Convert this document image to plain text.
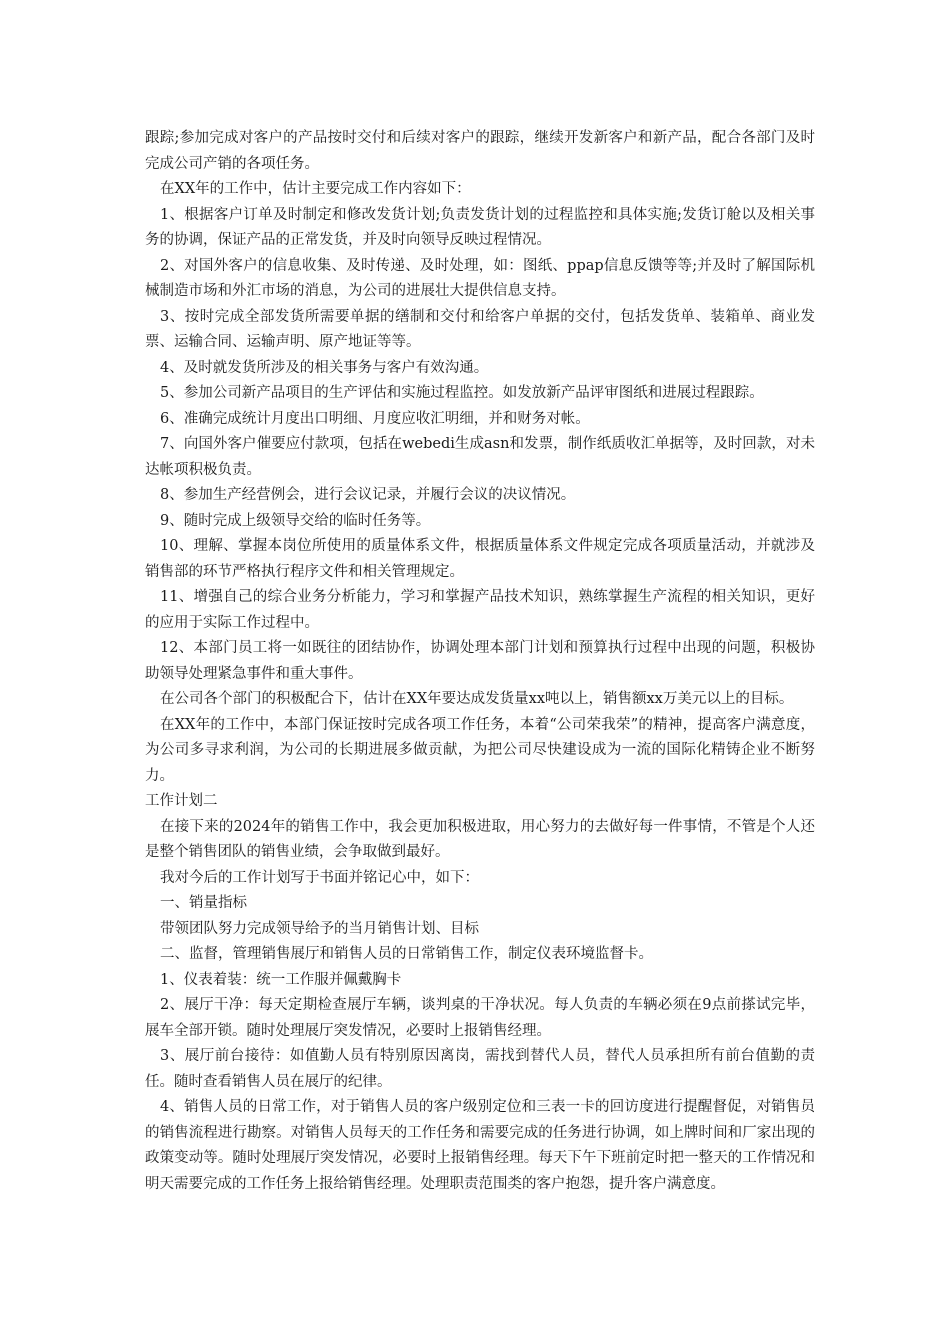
跟踪;参加完成对客户的产品按时交付和后续对客户的跟踪，继续开发新客户和新产品，配合各部门及时完成公司产销的各项任务。

在XX年的工作中，估计主要完成工作内容如下：

1、根据客户订单及时制定和修改发货计划;负责发货计划的过程监控和具体实施;发货订舱以及相关事务的协调，保证产品的正常发货，并及时向领导反映过程情况。

2、对国外客户的信息收集、及时传递、及时处理，如：图纸、ppap信息反馈等等;并及时了解国际机械制造市场和外汇市场的消息，为公司的进展壮大提供信息支持。

3、按时完成全部发货所需要单据的缮制和交付和给客户单据的交付，包括发货单、装箱单、商业发票、运输合同、运输声明、原产地证等等。

4、及时就发货所涉及的相关事务与客户有效沟通。

5、参加公司新产品项目的生产评估和实施过程监控。如发放新产品评审图纸和进展过程跟踪。

6、准确完成统计月度出口明细、月度应收汇明细，并和财务对帐。

7、向国外客户催要应付款项，包括在webedi生成asn和发票，制作纸质收汇单据等，及时回款，对未达帐项积极负责。

8、参加生产经营例会，进行会议记录，并履行会议的决议情况。

9、随时完成上级领导交给的临时任务等。

10、理解、掌握本岗位所使用的质量体系文件，根据质量体系文件规定完成各项质量活动，并就涉及销售部的环节严格执行程序文件和相关管理规定。

11、增强自己的综合业务分析能力，学习和掌握产品技术知识，熟练掌握生产流程的相关知识，更好的应用于实际工作过程中。

12、本部门员工将一如既往的团结协作，协调处理本部门计划和预算执行过程中出现的问题，积极协助领导处理紧急事件和重大事件。

在公司各个部门的积极配合下，估计在XX年要达成发货量xx吨以上，销售额xx万美元以上的目标。

在XX年的工作中，本部门保证按时完成各项工作任务，本着“公司荣我荣”的精神，提高客户满意度，为公司多寻求利润，为公司的长期进展多做贡献，为把公司尽快建设成为一流的国际化精铸企业不断努力。

工作计划二

在接下来的2024年的销售工作中，我会更加积极进取，用心努力的去做好每一件事情，不管是个人还是整个销售团队的销售业绩，会争取做到最好。

我对今后的工作计划写于书面并铭记心中，如下：

一、销量指标

带领团队努力完成领导给予的当月销售计划、目标

二、监督，管理销售展厅和销售人员的日常销售工作，制定仪表环境监督卡。

1、仪表着装：统一工作服并佩戴胸卡

2、展厅干净：每天定期检查展厅车辆，谈判桌的干净状况。每人负责的车辆必须在9点前搽试完毕，展车全部开锁。随时处理展厅突发情况，必要时上报销售经理。

3、展厅前台接待：如值勤人员有特别原因离岗，需找到替代人员，替代人员承担所有前台值勤的责任。随时查看销售人员在展厅的纪律。

4、销售人员的日常工作，对于销售人员的客户级别定位和三表一卡的回访度进行提醒督促，对销售员的销售流程进行勘察。对销售人员每天的工作任务和需要完成的任务进行协调，如上牌时间和厂家出现的政策变动等。随时处理展厅突发情况，必要时上报销售经理。每天下午下班前定时把一整天的工作情况和明天需要完成的工作任务上报给销售经理。处理职责范围类的客户抱怨，提升客户满意度。
